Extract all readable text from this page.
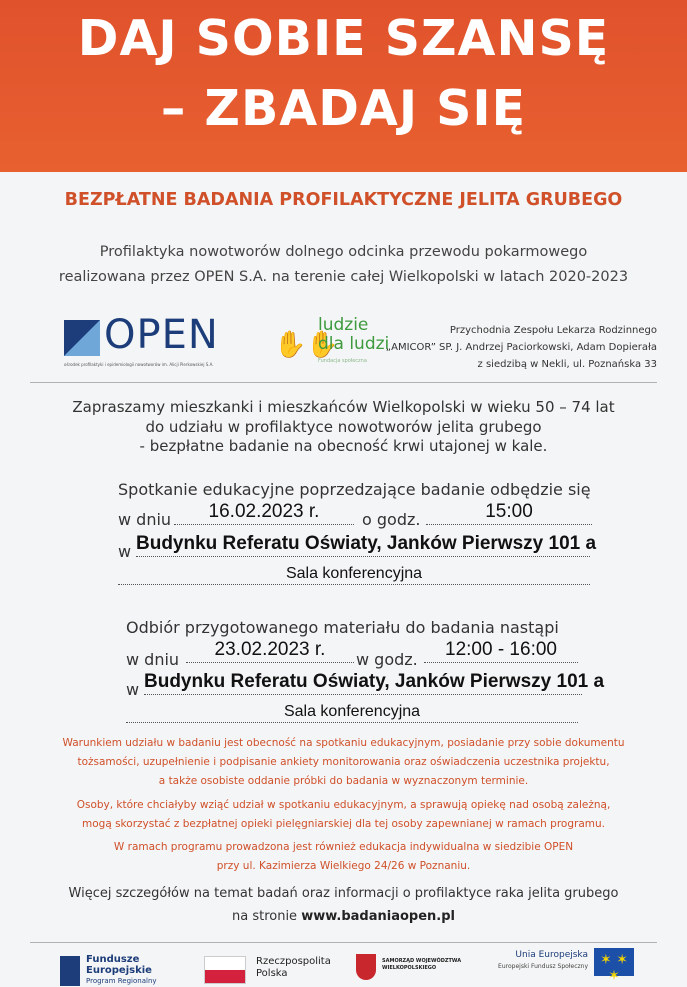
DAJ SOBIE SZANSĘ
– ZBADAJ SIĘ
BEZPŁATNE BADANIA PROFILAKTYCZNE JELITA GRUBEGO
Profilaktyka nowotworów dolnego odcinka przewodu pokarmowego
realizowana przez OPEN S.A. na terenie całej Wielkopolski w latach 2020-2023
OPEN
ośrodek profilaktyki i epidemiologii nowotworów im. Alicji Pierkowskiej S.A.
✋✋
ludzie
dla ludzi
Fundacja społeczna
Przychodnia Zespołu Lekarza Rodzinnego
„AMICOR” SP. J. Andrzej Paciorkowski, Adam Dopierała
z siedzibą w Nekli, ul. Poznańska 33
Zapraszamy mieszkanki i mieszkańców Wielkopolski w wieku 50 – 74 lat
do udziału w profilaktyce nowotworów jelita grubego
- bezpłatne badanie na obecność krwi utajonej w kale.
Spotkanie edukacyjne poprzedzające badanie odbędzie się
w dniu	16.02.2023 r.	o godz.	15:00
w Budynku Referatu Oświaty, Janków Pierwszy 101 a
Sala konferencyjna
Odbiór przygotowanego materiału do badania nastąpi
w dniu	23.02.2023 r.	w godz.	12:00 - 16:00
w Budynku Referatu Oświaty, Janków Pierwszy 101 a
Sala konferencyjna
Warunkiem udziału w badaniu jest obecność na spotkaniu edukacyjnym, posiadanie przy sobie dokumentu
tożsamości, uzupełnienie i podpisanie ankiety monitorowania oraz oświadczenia uczestnika projektu,
a także osobiste oddanie próbki do badania w wyznaczonym terminie.
Osoby, które chciałyby wziąć udział w spotkaniu edukacyjnym, a sprawują opiekę nad osobą zależną,
mogą skorzystać z bezpłatnej opieki pielęgniarskiej dla tej osoby zapewnianej w ramach programu.
W ramach programu prowadzona jest również edukacja indywidualna w siedzibie OPEN
przy ul. Kazimierza Wielkiego 24/26 w Poznaniu.
Więcej szczegółów na temat badań oraz informacji o profilaktyce raka jelita grubego
na stronie www.badaniaopen.pl
Fundusze
Europejskie
Program Regionalny
Rzeczpospolita
Polska
SAMORZĄD WOJEWÓDZTWA
WIELKOPOLSKIEGO
Unia Europejska
Europejski Fundusz Społeczny ✶ ✶ ✶
